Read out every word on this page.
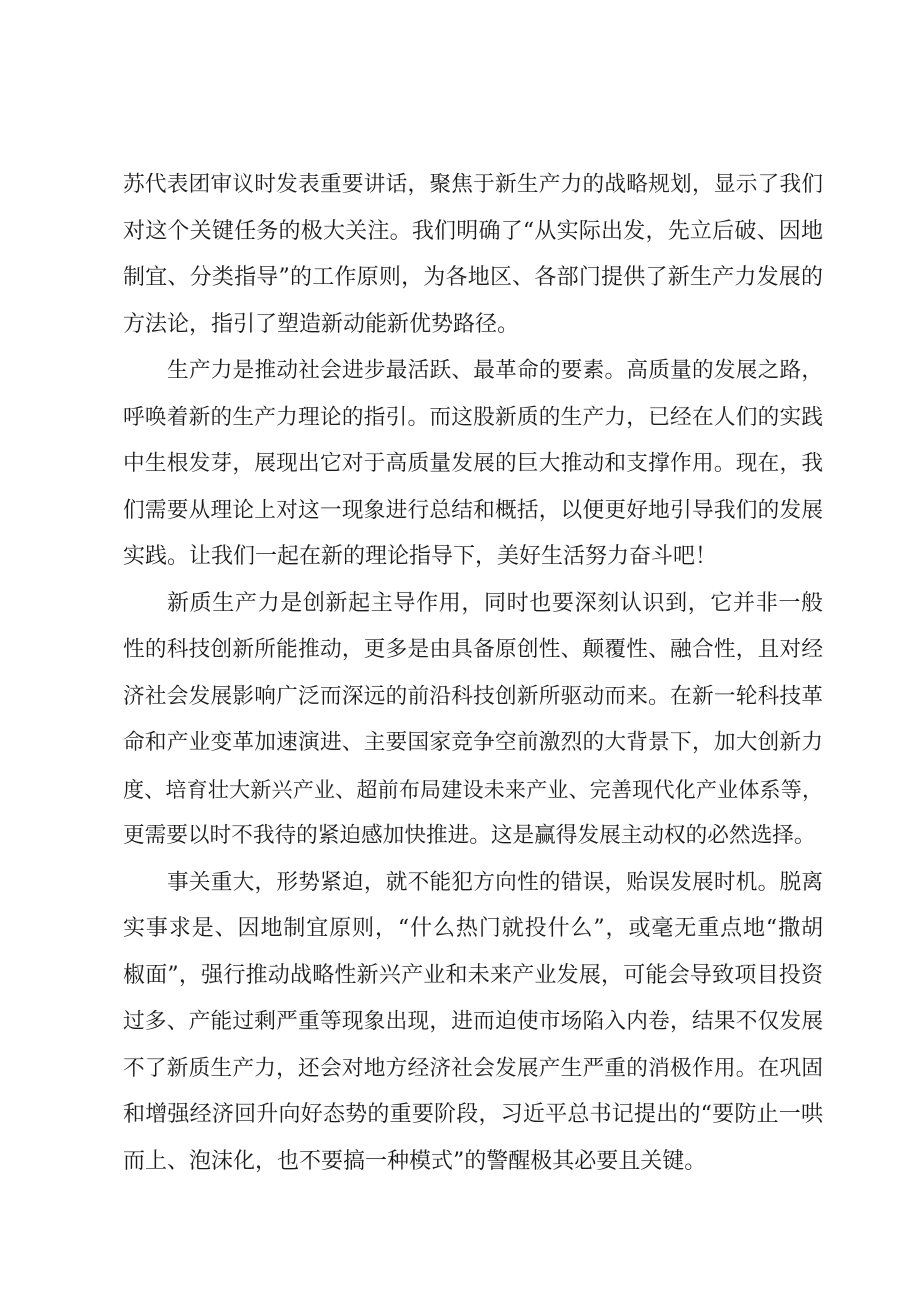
苏代表团审议时发表重要讲话，聚焦于新生产力的战略规划，显示了我们
对这个关键任务的极大关注。我们明确了“从实际出发，先立后破、因地
制宜、分类指导”的工作原则，为各地区、各部门提供了新生产力发展的
方法论，指引了塑造新动能新优势路径。
生产力是推动社会进步最活跃、最革命的要素。高质量的发展之路，
呼唤着新的生产力理论的指引。而这股新质的生产力，已经在人们的实践
中生根发芽，展现出它对于高质量发展的巨大推动和支撑作用。现在，我
们需要从理论上对这一现象进行总结和概括，以便更好地引导我们的发展
实践。让我们一起在新的理论指导下，美好生活努力奋斗吧！
新质生产力是创新起主导作用，同时也要深刻认识到，它并非一般
性的科技创新所能推动，更多是由具备原创性、颠覆性、融合性，且对经
济社会发展影响广泛而深远的前沿科技创新所驱动而来。在新一轮科技革
命和产业变革加速演进、主要国家竞争空前激烈的大背景下，加大创新力
度、培育壮大新兴产业、超前布局建设未来产业、完善现代化产业体系等，
更需要以时不我待的紧迫感加快推进。这是赢得发展主动权的必然选择。
事关重大，形势紧迫，就不能犯方向性的错误，贻误发展时机。脱离
实事求是、因地制宜原则，“什么热门就投什么”，或毫无重点地“撒胡
椒面”，强行推动战略性新兴产业和未来产业发展，可能会导致项目投资
过多、产能过剩严重等现象出现，进而迫使市场陷入内卷，结果不仅发展
不了新质生产力，还会对地方经济社会发展产生严重的消极作用。在巩固
和增强经济回升向好态势的重要阶段，习近平总书记提出的“要防止一哄
而上、泡沫化，也不要搞一种模式”的警醒极其必要且关键。
